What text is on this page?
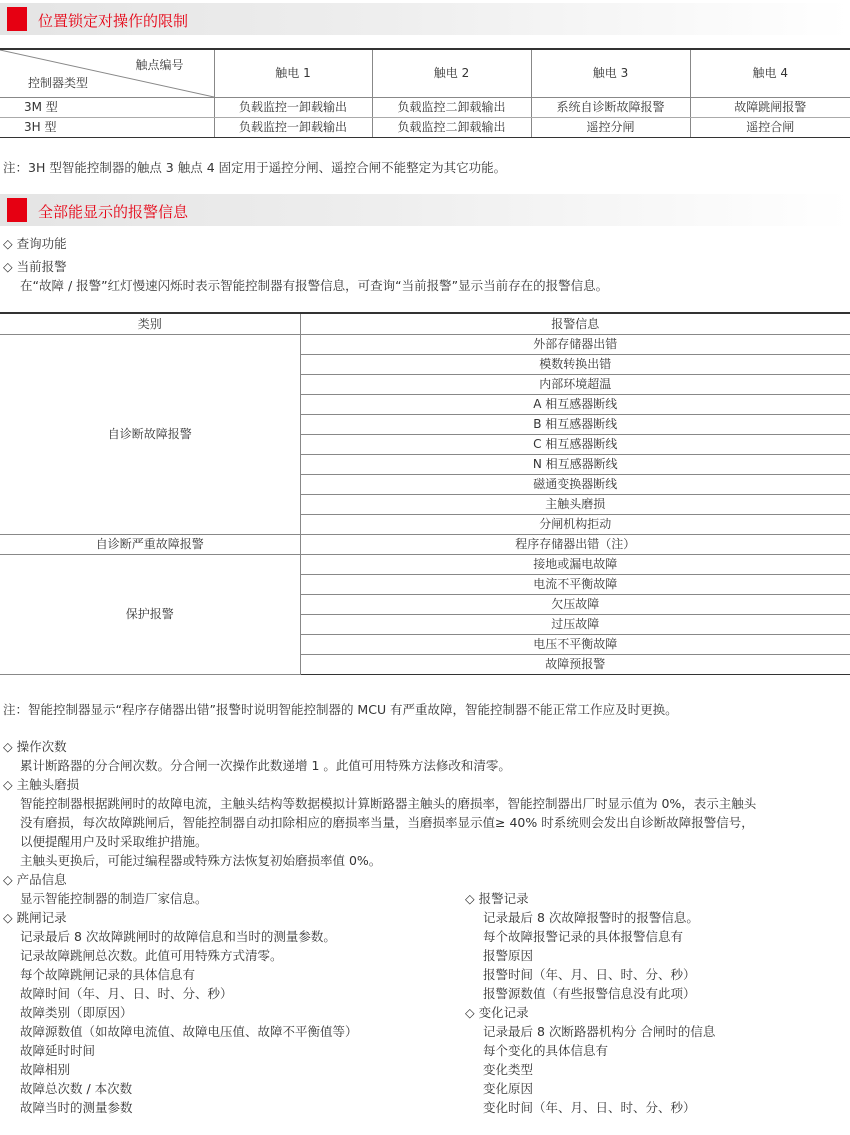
位置锁定对操作的限制
触点编号
控制器类型	触电 1	触电 2	触电 3	触电 4
3M 型	负载监控一卸载输出	负载监控二卸载输出	系统自诊断故障报警	故障跳闸报警
3H 型	负载监控一卸载输出	负载监控二卸载输出	遥控分闸	遥控合闸
注：3H 型智能控制器的触点 3 触点 4 固定用于遥控分闸、遥控合闸不能整定为其它功能。
全部能显示的报警信息
◇ 查询功能
◇ 当前报警
在“故障 / 报警”红灯慢速闪烁时表示智能控制器有报警信息，可查询“当前报警”显示当前存在的报警信息。
类别	报警信息
自诊断故障报警	外部存储器出错
	模数转换出错
	内部环境超温
	A 相互感器断线
	B 相互感器断线
	C 相互感器断线
	N 相互感器断线
	磁通变换器断线
	主触头磨损
	分闸机构拒动
自诊断严重故障报警	程序存储器出错（注）
保护报警	接地或漏电故障
	电流不平衡故障
	欠压故障
	过压故障
	电压不平衡故障
	故障预报警
注：智能控制器显示“程序存储器出错”报警时说明智能控制器的 MCU 有严重故障，智能控制器不能正常工作应及时更换。
◇ 操作次数
累计断路器的分合闸次数。分合闸一次操作此数递增 1 。此值可用特殊方法修改和清零。
◇ 主触头磨损
智能控制器根据跳闸时的故障电流，主触头结构等数据模拟计算断路器主触头的磨损率，智能控制器出厂时显示值为 0%，表示主触头
没有磨损，每次故障跳闸后，智能控制器自动扣除相应的磨损率当量，当磨损率显示值≥ 40% 时系统则会发出自诊断故障报警信号，
以便提醒用户及时采取维护措施。
主触头更换后，可能过编程器或特殊方法恢复初始磨损率值 0%。
◇ 产品信息
显示智能控制器的制造厂家信息。
◇ 跳闸记录
记录最后 8 次故障跳闸时的故障信息和当时的测量参数。
记录故障跳闸总次数。此值可用特殊方式清零。
每个故障跳闸记录的具体信息有
故障时间（年、月、日、时、分、秒）
故障类别（即原因）
故障源数值（如故障电流值、故障电压值、故障不平衡值等）
故障延时时间
故障相别
故障总次数 / 本次数
故障当时的测量参数
◇ 报警记录
记录最后 8 次故障报警时的报警信息。
每个故障报警记录的具体报警信息有
报警原因
报警时间（年、月、日、时、分、秒）
报警源数值（有些报警信息没有此项）
◇ 变化记录
记录最后 8 次断路器机构分 合闸时的信息
每个变化的具体信息有
变化类型
变化原因
变化时间（年、月、日、时、分、秒）
